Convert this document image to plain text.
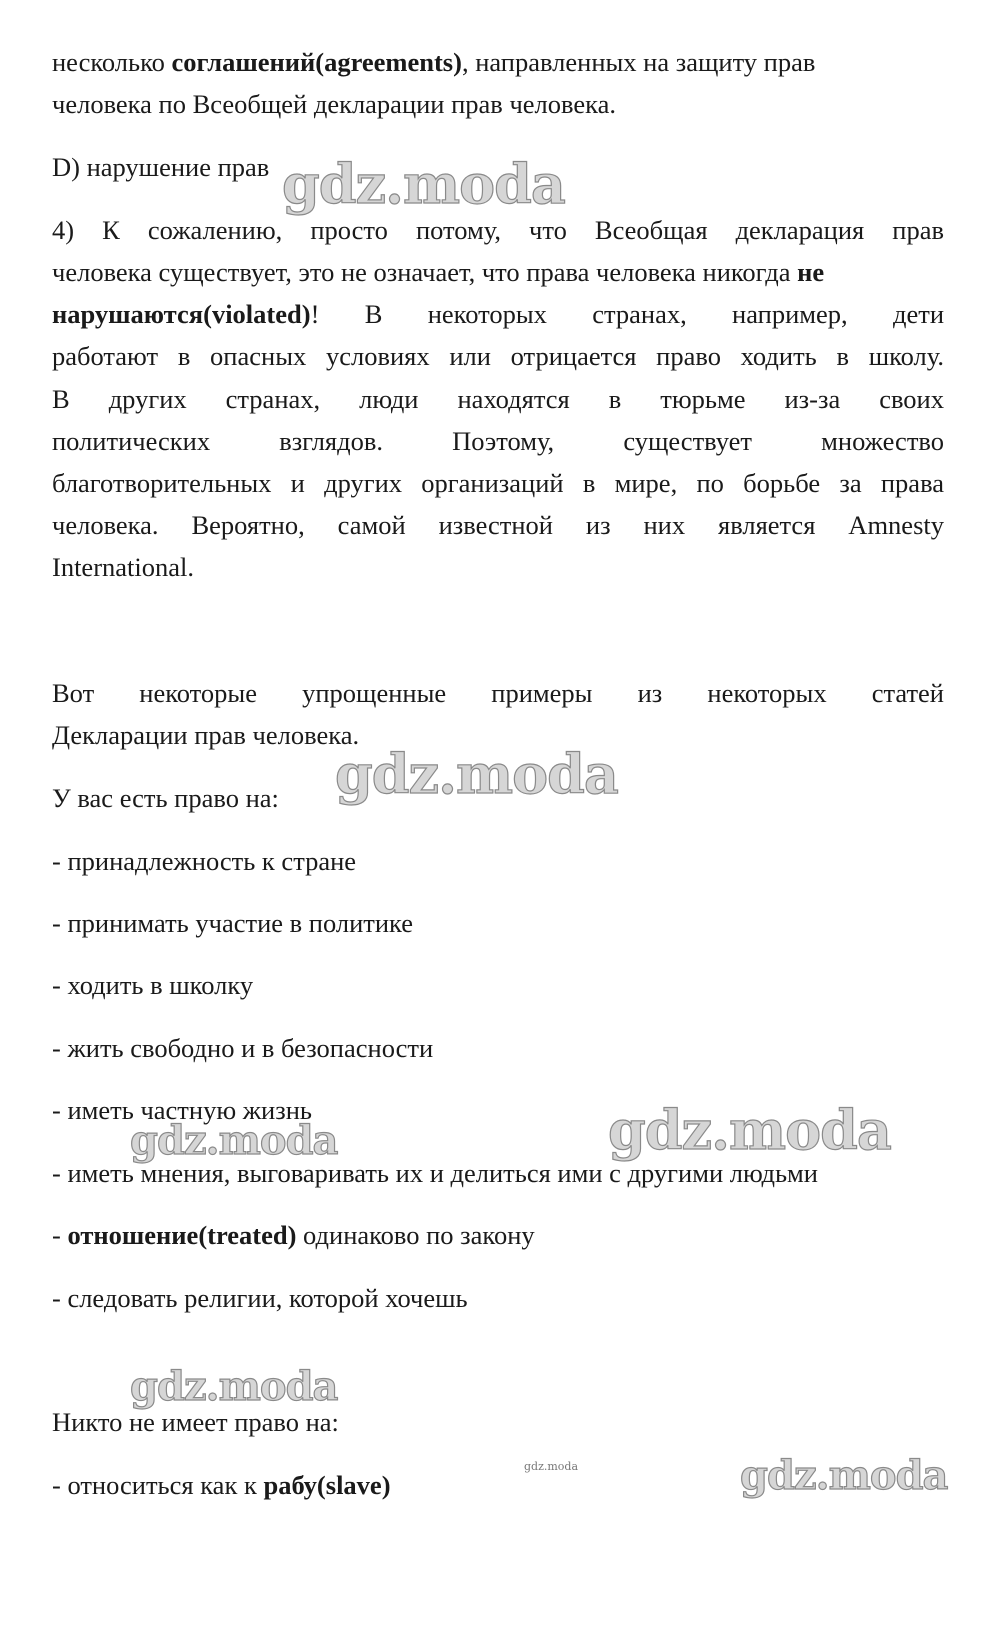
несколько соглашений(agreements), направленных на защиту прав
человека по Всеобщей декларации прав человека.
D) нарушение прав
4) К сожалению, просто потому, что Всеобщая декларация прав
человека существует, это не означает, что права человека никогда не
нарушаются(violated)! В некоторых странах, например, дети
работают в опасных условиях или отрицается право ходить в школу.
В других странах, люди находятся в тюрьме из-за своих
политических взглядов. Поэтому, существует множество
благотворительных и других организаций в мире, по борьбе за права
человека. Вероятно, самой известной из них является Amnesty
International.
Вот некоторые упрощенные примеры из некоторых статей
Декларации прав человека.
У вас есть право на:
- принадлежность к стране
- принимать участие в политике
- ходить в школку
- жить свободно и в безопасности
- иметь частную жизнь
- иметь мнения, выговаривать их и делиться ими с другими людьми
- отношение(treated) одинаково по закону
- следовать религии, которой хочешь
Никто не имеет право на:
- относиться как к рабу(slave)
gdz.moda
gdz.moda
gdz.moda
gdz.moda
gdz.moda
gdz.moda	gdz.moda
